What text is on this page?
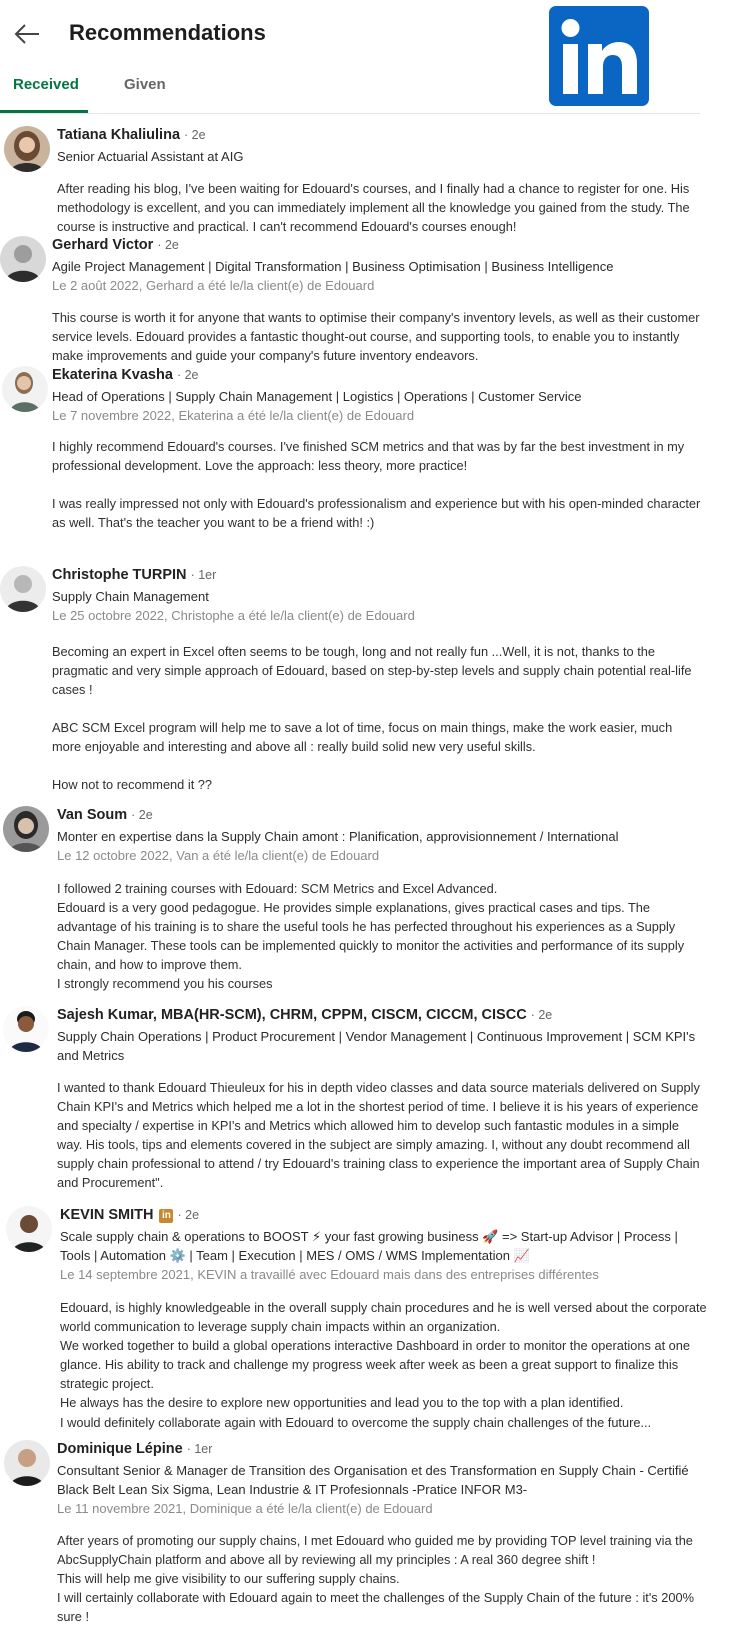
Recommendations
Received	Given
Tatiana Khaliulina · 2e
Senior Actuarial Assistant at AIG

After reading his blog, I've been waiting for Edouard's courses, and I finally had a chance to register for one. His methodology is excellent, and you can immediately implement all the knowledge you gained from the study. The course is instructive and practical. I can't recommend Edouard's courses enough!

Gerhard Victor · 2e
Agile Project Management | Digital Transformation | Business Optimisation | Business Intelligence
Le 2 août 2022, Gerhard a été le/la client(e) de Edouard

This course is worth it for anyone that wants to optimise their company's inventory levels, as well as their customer service levels. Edouard provides a fantastic thought-out course, and supporting tools, to enable you to instantly make improvements and guide your company's future inventory endeavors.

Ekaterina Kvasha · 2e
Head of Operations | Supply Chain Management | Logistics | Operations | Customer Service
Le 7 novembre 2022, Ekaterina a été le/la client(e) de Edouard

I highly recommend Edouard's courses. I've finished SCM metrics and that was by far the best investment in my professional development. Love the approach: less theory, more practice!

I was really impressed not only with Edouard's professionalism and experience but with his open-minded character as well. That's the teacher you want to be a friend with! :)

Christophe TURPIN · 1er
Supply Chain Management
Le 25 octobre 2022, Christophe a été le/la client(e) de Edouard

Becoming an expert in Excel often seems to be tough, long and not really fun ...Well, it is not, thanks to the pragmatic and very simple approach of Edouard, based on step-by-step levels and supply chain potential real-life cases !

ABC SCM Excel program will help me to save a lot of time, focus on main things, make the work easier, much more enjoyable and interesting and above all : really build solid new very useful skills.

How not to recommend it ??

Van Soum · 2e
Monter en expertise dans la Supply Chain amont : Planification, approvisionnement / International
Le 12 octobre 2022, Van a été le/la client(e) de Edouard

I followed 2 training courses with Edouard: SCM Metrics and Excel Advanced.

Edouard is a very good pedagogue. He provides simple explanations, gives practical cases and tips. The advantage of his training is to share the useful tools he has perfected throughout his experiences as a Supply Chain Manager. These tools can be implemented quickly to monitor the activities and performance of its supply chain, and how to improve them.

I strongly recommend you his courses

Sajesh Kumar, MBA(HR-SCM), CHRM, CPPM, CISCM, CICCM, CISCC · 2e
Supply Chain Operations | Product Procurement | Vendor Management | Continuous Improvement | SCM KPI's and Metrics

I wanted to thank Edouard Thieuleux for his in depth video classes and data source materials delivered on Supply Chain KPI's and Metrics which helped me a lot in the shortest period of time. I believe it is his years of experience and specialty / expertise in KPI's and Metrics which allowed him to develop such fantastic modules in a simple way. His tools, tips and elements covered in the subject are simply amazing. I, without any doubt recommend all supply chain professional to attend / try Edouard's training class to experience the important area of Supply Chain and Procurement".

KEVIN SMITH in · 2e
Scale supply chain & operations to BOOST ⚡ your fast growing business 🚀 => Start-up Advisor | Process | Tools | Automation ⚙️ | Team | Execution | MES / OMS / WMS Implementation 📈
Le 14 septembre 2021, KEVIN a travaillé avec Edouard mais dans des entreprises différentes

Edouard, is highly knowledgeable in the overall supply chain procedures and he is well versed about the corporate world communication to leverage supply chain impacts within an organization.

We worked together to build a global operations interactive Dashboard in order to monitor the operations at one glance. His ability to track and challenge my progress week after week as been a great support to finalize this strategic project.

He always has the desire to explore new opportunities and lead you to the top with a plan identified.

I would definitely collaborate again with Edouard to overcome the supply chain challenges of the future...

Dominique Lépine · 1er
Consultant Senior & Manager de Transition des Organisation et des Transformation en Supply Chain - Certifié Black Belt Lean Six Sigma, Lean Industrie & IT Profesionnals -Pratice INFOR M3-
Le 11 novembre 2021, Dominique a été le/la client(e) de Edouard

After years of promoting our supply chains, I met Edouard who guided me by providing TOP level training via the AbcSupplyChain platform and above all by reviewing all my principles : A real 360 degree shift !

This will help me give visibility to our suffering supply chains.

I will certainly collaborate with Edouard again to meet the challenges of the Supply Chain of the future : it's 200% sure !
